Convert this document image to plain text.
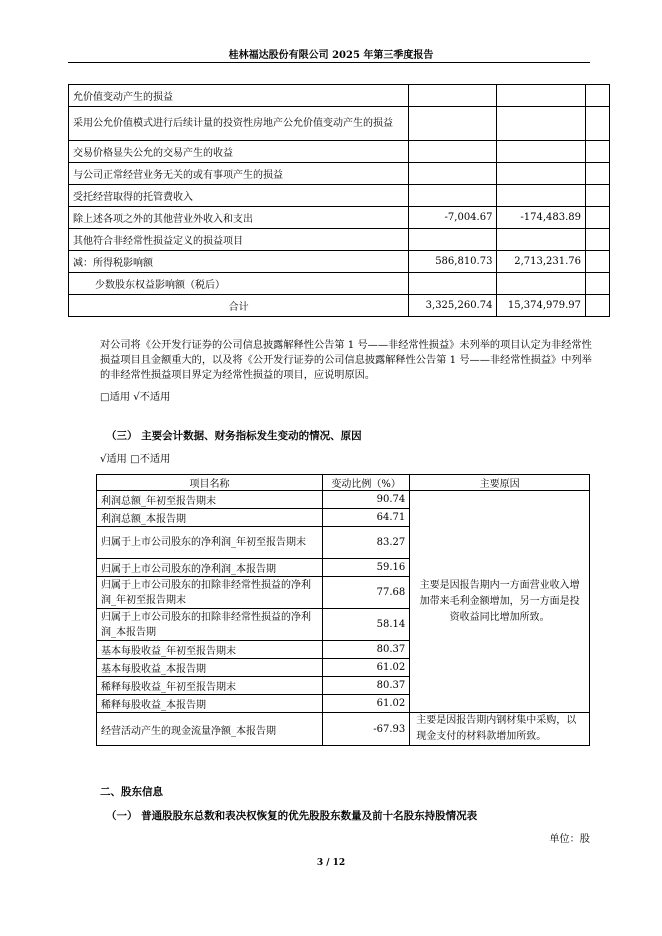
桂林福达股份有限公司 2025 年第三季度报告
允价值变动产生的损益			
采用公允价值模式进行后续计量的投资性房地产公允价值变动产生的损益			
交易价格显失公允的交易产生的收益			
与公司正常经营业务无关的或有事项产生的损益			
受托经营取得的托管费收入			
除上述各项之外的其他营业外收入和支出	-7,004.67	-174,483.89	
其他符合非经常性损益定义的损益项目			
减：所得税影响额	586,810.73	2,713,231.76	
少数股东权益影响额（税后）			
合计	3,325,260.74	15,374,979.97	
对公司将《公开发行证券的公司信息披露解释性公告第 1 号——非经常性损益》未列举的项目认定为非经常性损益项目且金额重大的，以及将《公开发行证券的公司信息披露解释性公告第 1 号——非经常性损益》中列举的非经常性损益项目界定为经常性损益的项目，应说明原因。
□适用 √不适用
（三） 主要会计数据、财务指标发生变动的情况、原因
√适用 □不适用
项目名称	变动比例（%）	主要原因
利润总额_年初至报告期末	90.74	主要是因报告期内一方面营业收入增加带来毛利金额增加，另一方面是投资收益同比增加所致。
利润总额_本报告期	64.71	
归属于上市公司股东的净利润_年初至报告期末	83.27	
归属于上市公司股东的净利润_本报告期	59.16	
归属于上市公司股东的扣除非经常性损益的净利润_年初至报告期末	77.68	
归属于上市公司股东的扣除非经常性损益的净利润_本报告期	58.14	
基本每股收益_年初至报告期末	80.37	
基本每股收益_本报告期	61.02	
稀释每股收益_年初至报告期末	80.37	
稀释每股收益_本报告期	61.02	
经营活动产生的现金流量净额_本报告期	-67.93	主要是因报告期内钢材集中采购，以现金支付的材料款增加所致。
二、股东信息
（一） 普通股股东总数和表决权恢复的优先股股东数量及前十名股东持股情况表
单位：股
3 / 12
